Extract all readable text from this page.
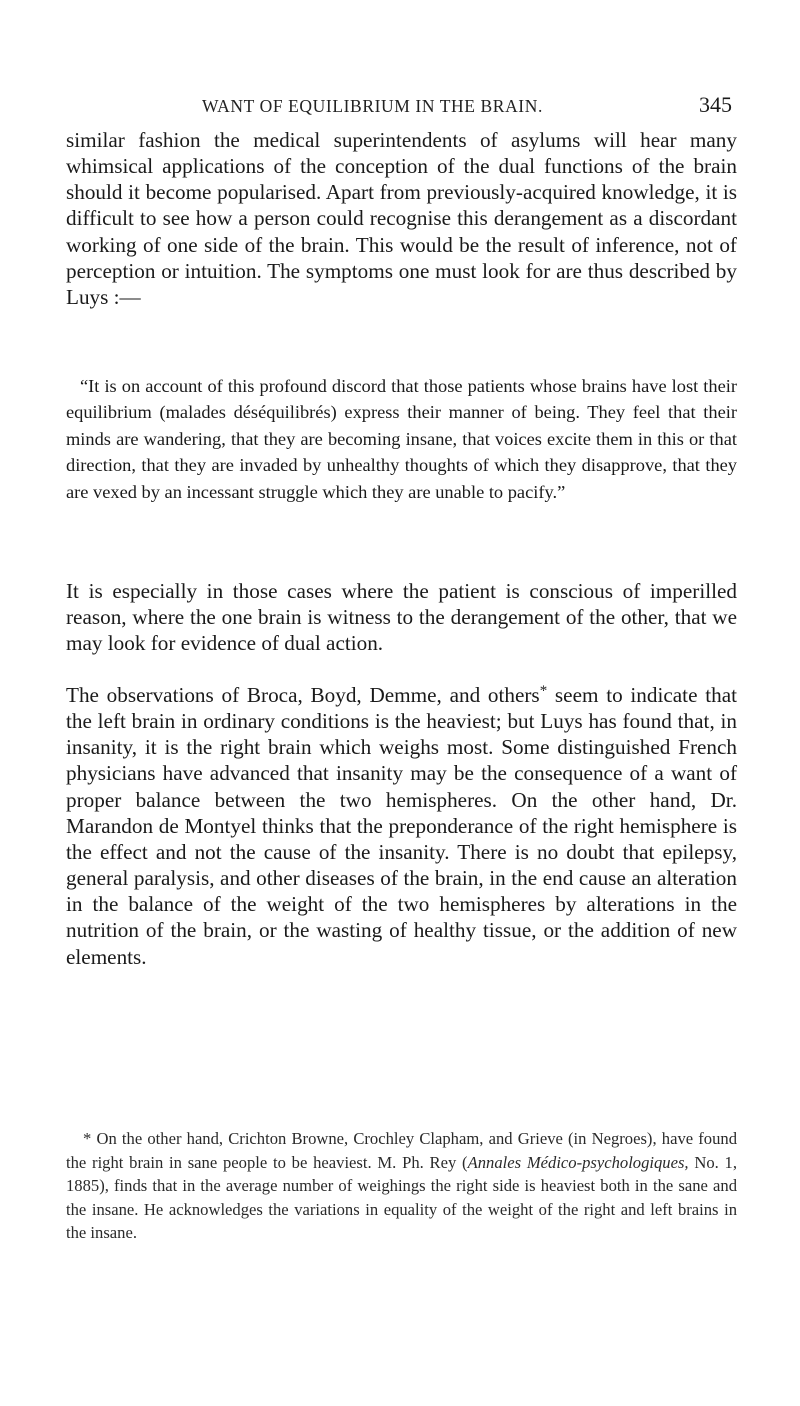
WANT OF EQUILIBRIUM IN THE BRAIN.	345

similar fashion the medical superintendents of asylums will hear many whimsical applications of the conception of the dual functions of the brain should it become popularised. Apart from previously-acquired knowledge, it is difficult to see how a person could recognise this derangement as a discordant working of one side of the brain. This would be the result of inference, not of perception or intuition. The symptoms one must look for are thus described by Luys :—

“It is on account of this profound discord that those patients whose brains have lost their equilibrium (malades déséquilibrés) express their manner of being. They feel that their minds are wandering, that they are becoming insane, that voices excite them in this or that direction, that they are invaded by unhealthy thoughts of which they disapprove, that they are vexed by an incessant struggle which they are unable to pacify.”

It is especially in those cases where the patient is conscious of imperilled reason, where the one brain is witness to the derangement of the other, that we may look for evidence of dual action.

The observations of Broca, Boyd, Demme, and others* seem to indicate that the left brain in ordinary conditions is the heaviest; but Luys has found that, in insanity, it is the right brain which weighs most. Some distinguished French physicians have advanced that insanity may be the consequence of a want of proper balance between the two hemispheres. On the other hand, Dr. Marandon de Montyel thinks that the preponderance of the right hemisphere is the effect and not the cause of the insanity. There is no doubt that epilepsy, general paralysis, and other diseases of the brain, in the end cause an alteration in the balance of the weight of the two hemispheres by alterations in the nutrition of the brain, or the wasting of healthy tissue, or the addition of new elements.

* On the other hand, Crichton Browne, Crochley Clapham, and Grieve (in Negroes), have found the right brain in sane people to be heaviest. M. Ph. Rey (Annales Médico-psychologiques, No. 1, 1885), finds that in the average number of weighings the right side is heaviest both in the sane and the insane. He acknowledges the variations in equality of the weight of the right and left brains in the insane.
